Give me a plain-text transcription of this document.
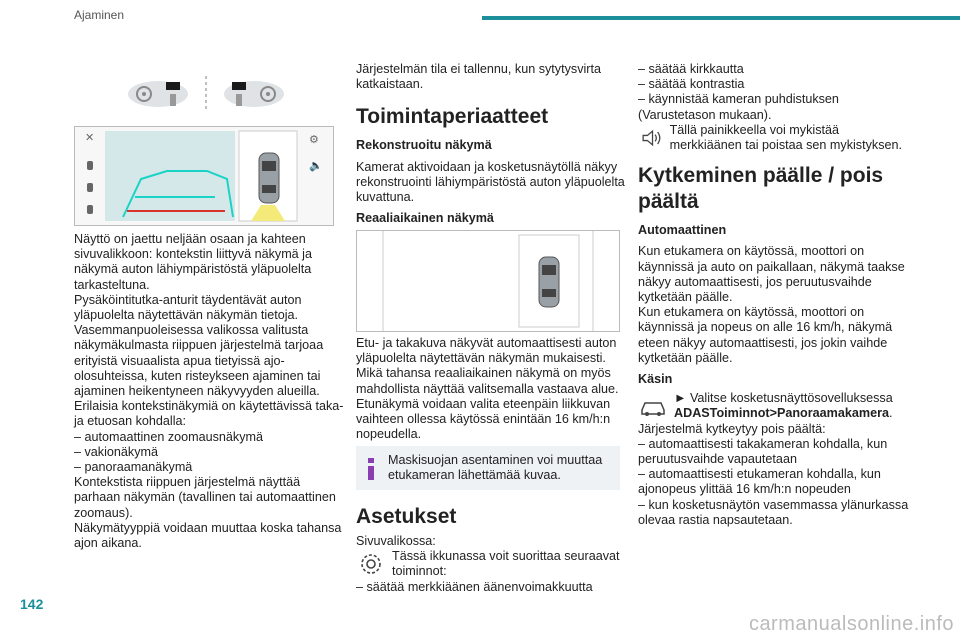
Ajaminen
✕	⚙
🔈
Näyttö on jaettu neljään osaan ja kahteen
sivuvalikkoon: kontekstin liittyvä näkymä ja
näkymä auton lähiympäristöstä yläpuolelta
tarkasteltuna.
Pysäköintitutka-anturit täydentävät auton
yläpuolelta näytettävän näkymän tietoja.
Vasemmanpuoleisessa valikossa valitusta
näkymäkulmasta riippuen järjestelmä tarjoaa
erityistä visuaalista apua tietyissä ajo-
olosuhteissa, kuten risteykseen ajaminen tai
ajaminen heikentyneen näkyvyyden alueilla.
Erilaisia kontekstinäkymiä on käytettävissä taka-
ja etuosan kohdalla:
– automaattinen zoomausnäkymä
– vakionäkymä
– panoraamanäkymä
Kontekstista riippuen järjestelmä näyttää
parhaan näkymän (tavallinen tai automaattinen
zoomaus).
Näkymätyyppiä voidaan muuttaa koska tahansa
ajon aikana.
Järjestelmän tila ei tallennu, kun sytytysvirta
katkaistaan.
Toimintaperiaatteet
Rekonstruoitu näkymä
Kamerat aktivoidaan ja kosketusnäytöllä näkyy
rekonstruointi lähiympäristöstä auton yläpuolelta
kuvattuna.
Reaaliaikainen näkymä
Etu- ja takakuva näkyvät automaattisesti auton
yläpuolelta näytettävän näkymän mukaisesti.
Mikä tahansa reaaliaikainen näkymä on myös
mahdollista näyttää valitsemalla vastaava alue.
Etunäkymä voidaan valita eteenpäin liikkuvan
vaihteen ollessa käytössä enintään 16 km/h:n
nopeudella.
Maskisuojan asentaminen voi muuttaa
etukameran lähettämää kuvaa.
Asetukset
Sivuvalikossa:
Tässä ikkunassa voit suorittaa seuraavat
toiminnot:
– säätää merkkiäänen äänenvoimakkuutta
– säätää kirkkautta
– säätää kontrastia
– käynnistää kameran puhdistuksen
(Varustetason mukaan).
Tällä painikkeella voi mykistää
merkkiäänen tai poistaa sen mykistyksen.
Kytkeminen päälle / pois
päältä
Automaattinen
Kun etukamera on käytössä, moottori on
käynnissä ja auto on paikallaan, näkymä taakse
näkyy automaattisesti, jos peruutusvaihde
kytketään päälle.
Kun etukamera on käytössä, moottori on
käynnissä ja nopeus on alle 16 km/h, näkymä
eteen näkyy automaattisesti, jos jokin vaihde
kytketään päälle.
Käsin
► Valitse kosketusnäyttösovelluksessa
ADASToiminnot>Panoraamakamera.
Järjestelmä kytkeytyy pois päältä:
– automaattisesti takakameran kohdalla, kun
peruutusvaihde vapautetaan
– automaattisesti etukameran kohdalla, kun
ajonopeus ylittää 16 km/h:n nopeuden
– kun kosketusnäytön vasemmassa ylänurkassa
olevaa rastia napsautetaan.
142
carmanualsonline.info
